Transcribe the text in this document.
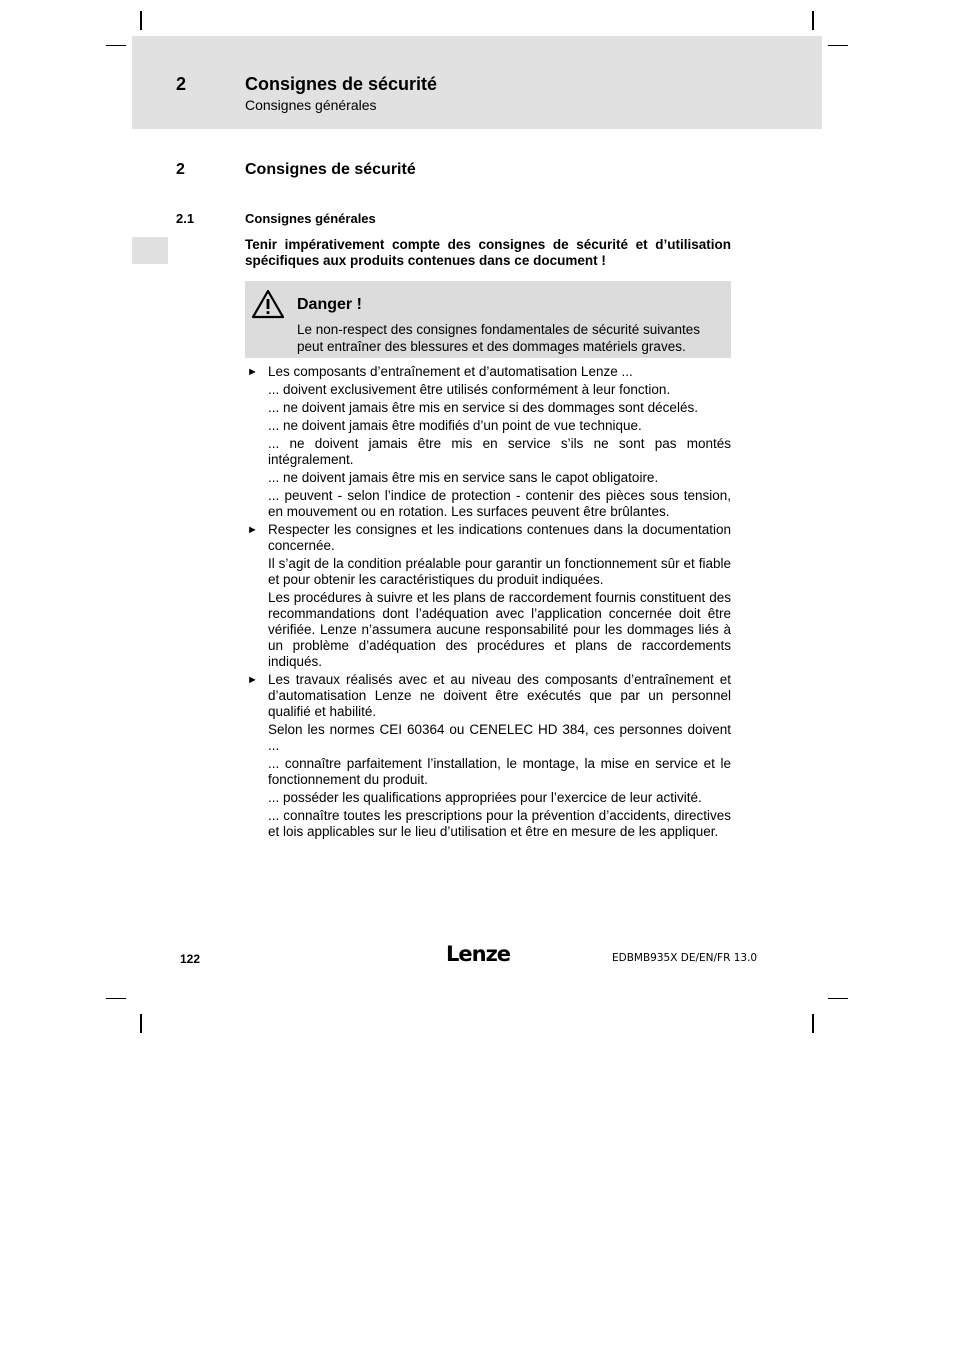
2	Consignes de sécurité
Consignes générales
2	Consignes de sécurité
2.1	Consignes générales
Tenir impérativement compte des consignes de sécurité et d’utilisation spécifiques aux produits contenues dans ce document !
Danger !
Le non-respect des consignes fondamentales de sécurité suivantes peut entraîner des blessures et des dommages matériels graves.
► Les composants d’entraînement et d’automatisation Lenze ...
... doivent exclusivement être utilisés conformément à leur fonction.
... ne doivent jamais être mis en service si des dommages sont décelés.
... ne doivent jamais être modifiés d’un point de vue technique.
... ne doivent jamais être mis en service s’ils ne sont pas montés intégralement.
... ne doivent jamais être mis en service sans le capot obligatoire.
... peuvent - selon l’indice de protection - contenir des pièces sous tension, en mouvement ou en rotation. Les surfaces peuvent être brûlantes.
► Respecter les consignes et les indications contenues dans la documentation concernée.
Il s’agit de la condition préalable pour garantir un fonctionnement sûr et fiable et pour obtenir les caractéristiques du produit indiquées.
Les procédures à suivre et les plans de raccordement fournis constituent des recommandations dont l’adéquation avec l’application concernée doit être vérifiée. Lenze n’assumera aucune responsabilité pour les dommages liés à un problème d’adéquation des procédures et plans de raccordements indiqués.
► Les travaux réalisés avec et au niveau des composants d’entraînement et d’automatisation Lenze ne doivent être exécutés que par un personnel qualifié et habilité.
Selon les normes CEI 60364 ou CENELEC HD 384, ces personnes doivent ...
... connaître parfaitement l’installation, le montage, la mise en service et le fonctionnement du produit.
... posséder les qualifications appropriées pour l’exercice de leur activité.
... connaître toutes les prescriptions pour la prévention d’accidents, directives et lois applicables sur le lieu d’utilisation et être en mesure de les appliquer.
122	Lenze	EDBMB935X DE/EN/FR 13.0
